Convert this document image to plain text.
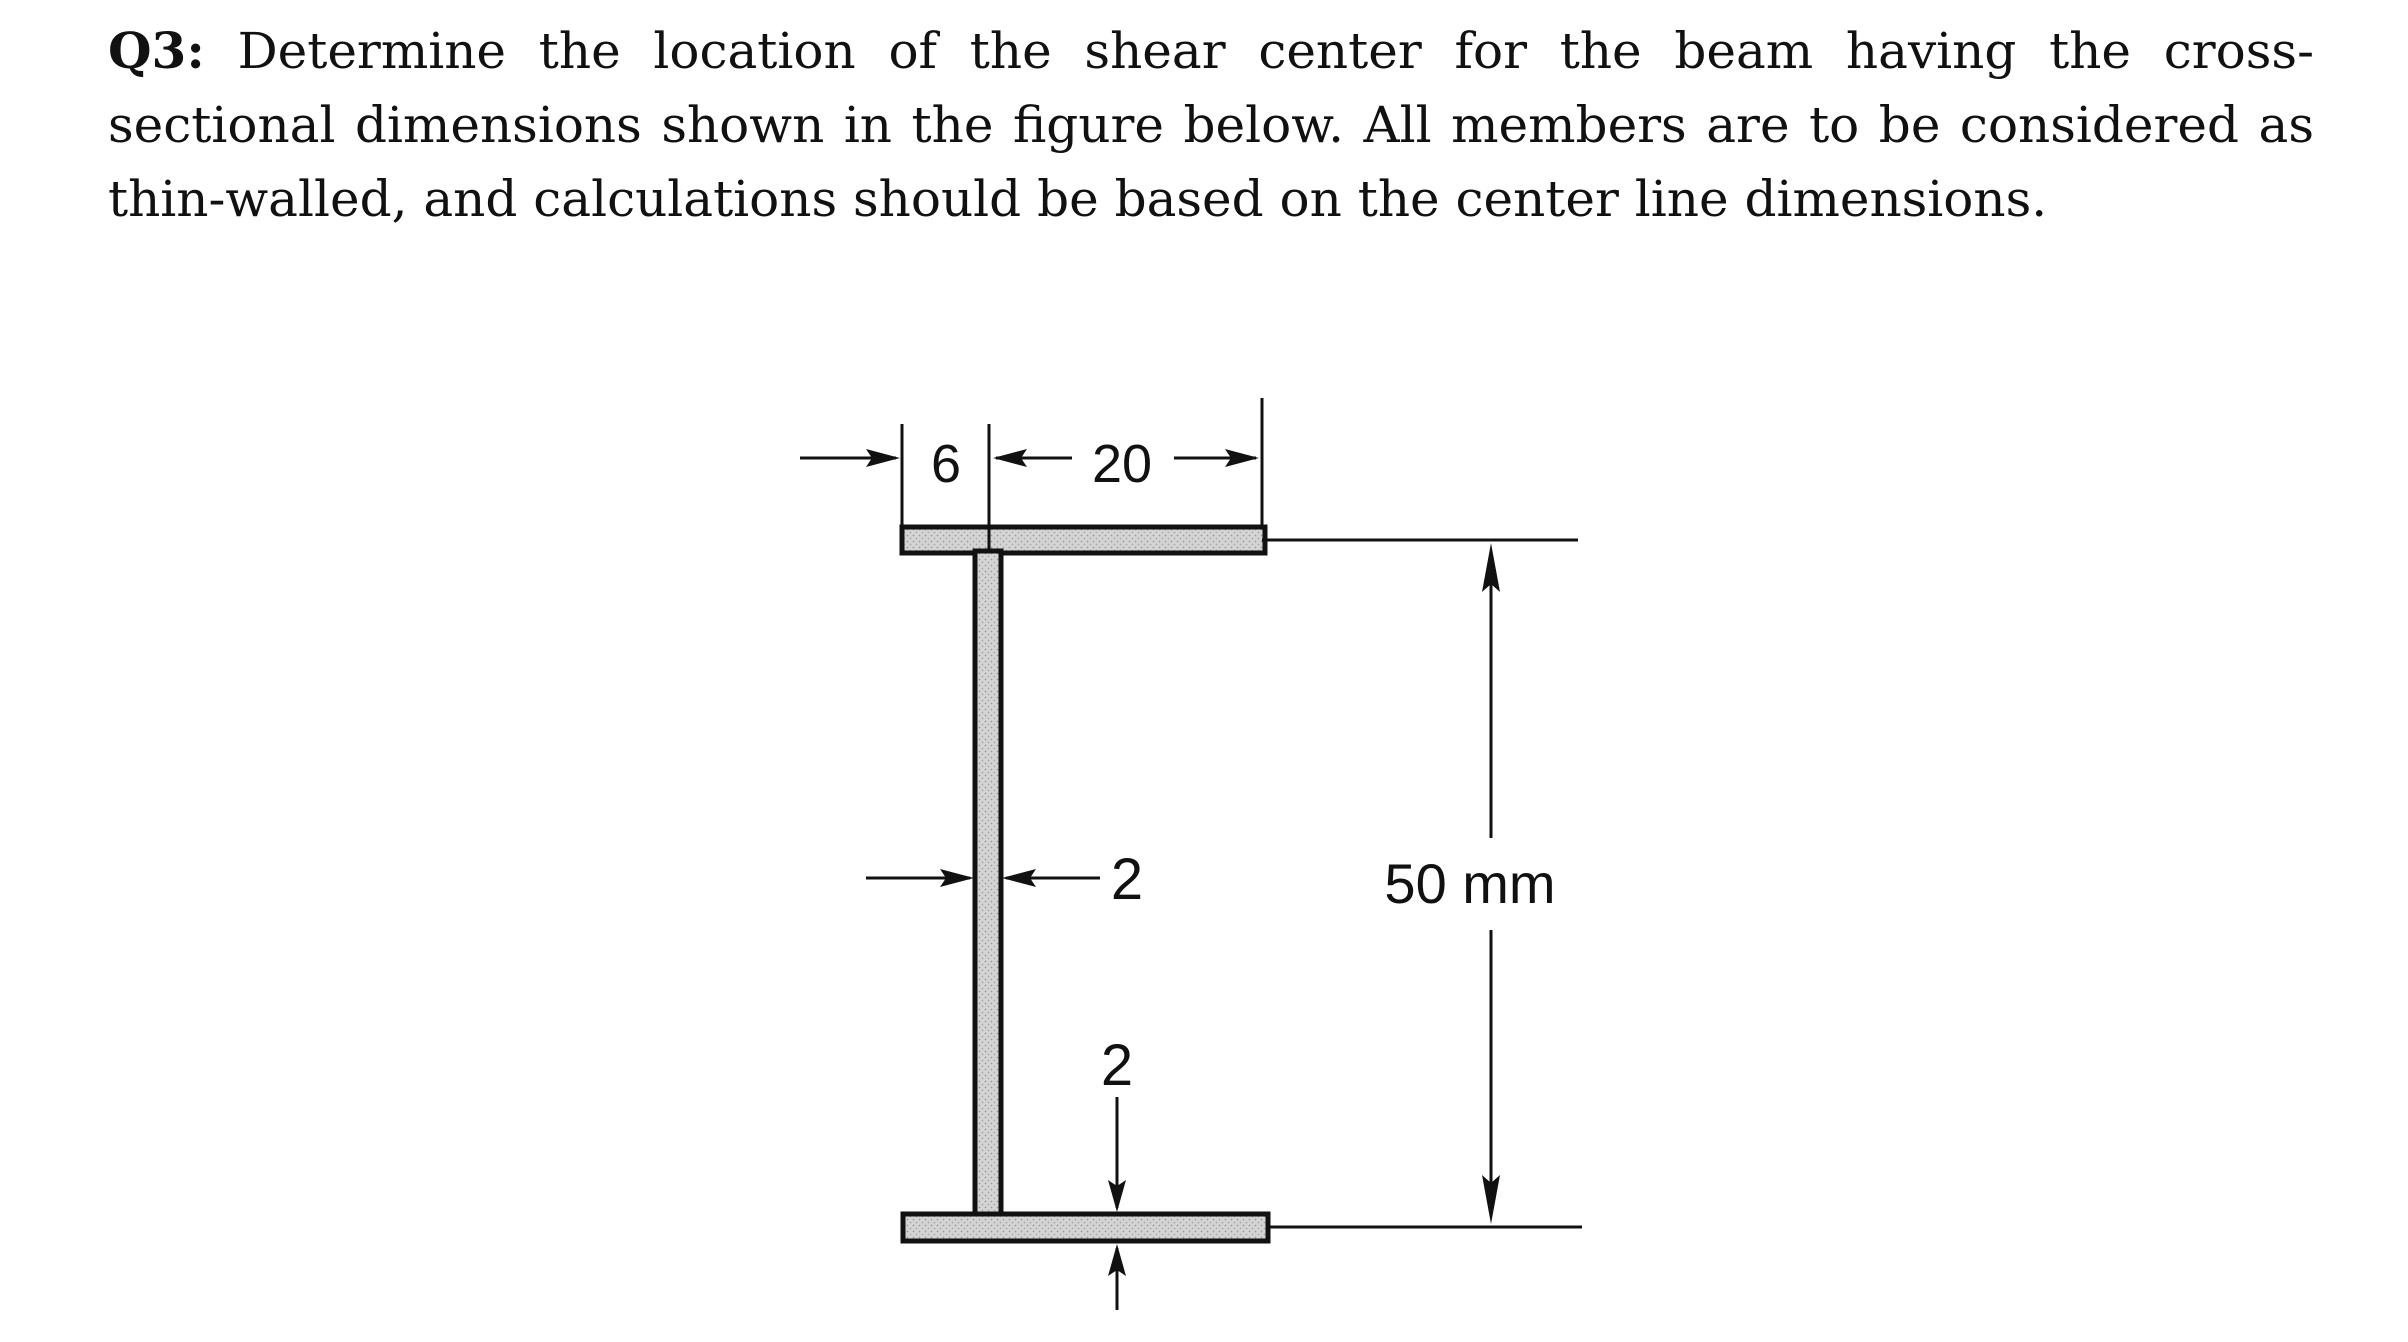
Q3: Determine the location of the shear center for the beam having the cross-sectional dimensions shown in the figure below. All members are to be considered as thin-walled, and calculations should be based on the center line dimensions.
6 20
2
2
50 mm
